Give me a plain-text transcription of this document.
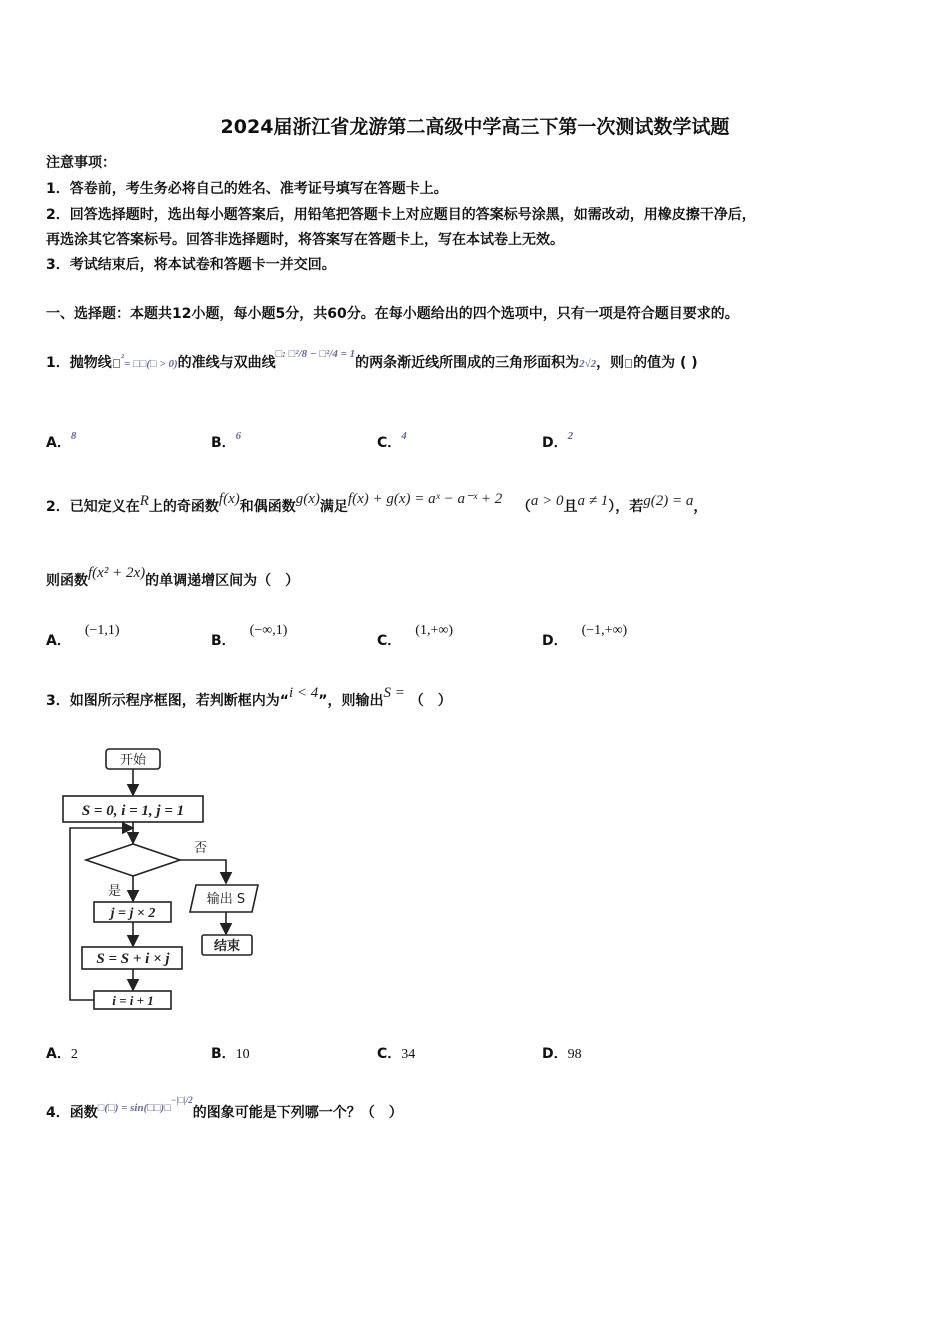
2024届浙江省龙游第二高级中学高三下第一次测试数学试题
注意事项：
1．答卷前，考生务必将自己的姓名、准考证号填写在答题卡上。
2．回答选择题时，选出每小题答案后，用铅笔把答题卡上对应题目的答案标号涂黑，如需改动，用橡皮擦干净后，
再选涂其它答案标号。回答非选择题时，将答案写在答题卡上，写在本试卷上无效。
3．考试结束后，将本试卷和答题卡一并交回。
一、选择题：本题共12小题，每小题5分，共60分。在每小题给出的四个选项中，只有一项是符合题目要求的。
1．抛物线 $^{^2}$= □□(□ > 0)的准线与双曲线$^{□: □^2/8 - □^2/4 = 1}$的两条渐近线所围成的三角形面积为2√2，则 的值为 ( )
A．$^8$	B．$^6$	C．$^4$	D．$^2$
2．已知定义在R上的奇函数f(x)和偶函数g(x)满足f(x) + g(x) = aˣ − a⁻ˣ + 2 （a > 0且a ≠ 1），若g(2) = a，
则函数f(x² + 2x)的单调递增区间为（　）
A．(−1,1)
B．(−∞,1)
C．(1,+∞)
D．(−1,+∞)
3．如图所示程序框图，若判断框内为“i < 4”，则输出S = （　）
开始
S = 0, i = 1, j = 1
否
是
输出 S
结束
j = j × 2
S = S + i × j
i = i + 1
A．2	B．10	C．34	D．98
4．函数$^{□(□) = sin(□□)□-|□|/2}$的图象可能是下列哪一个？（　）
